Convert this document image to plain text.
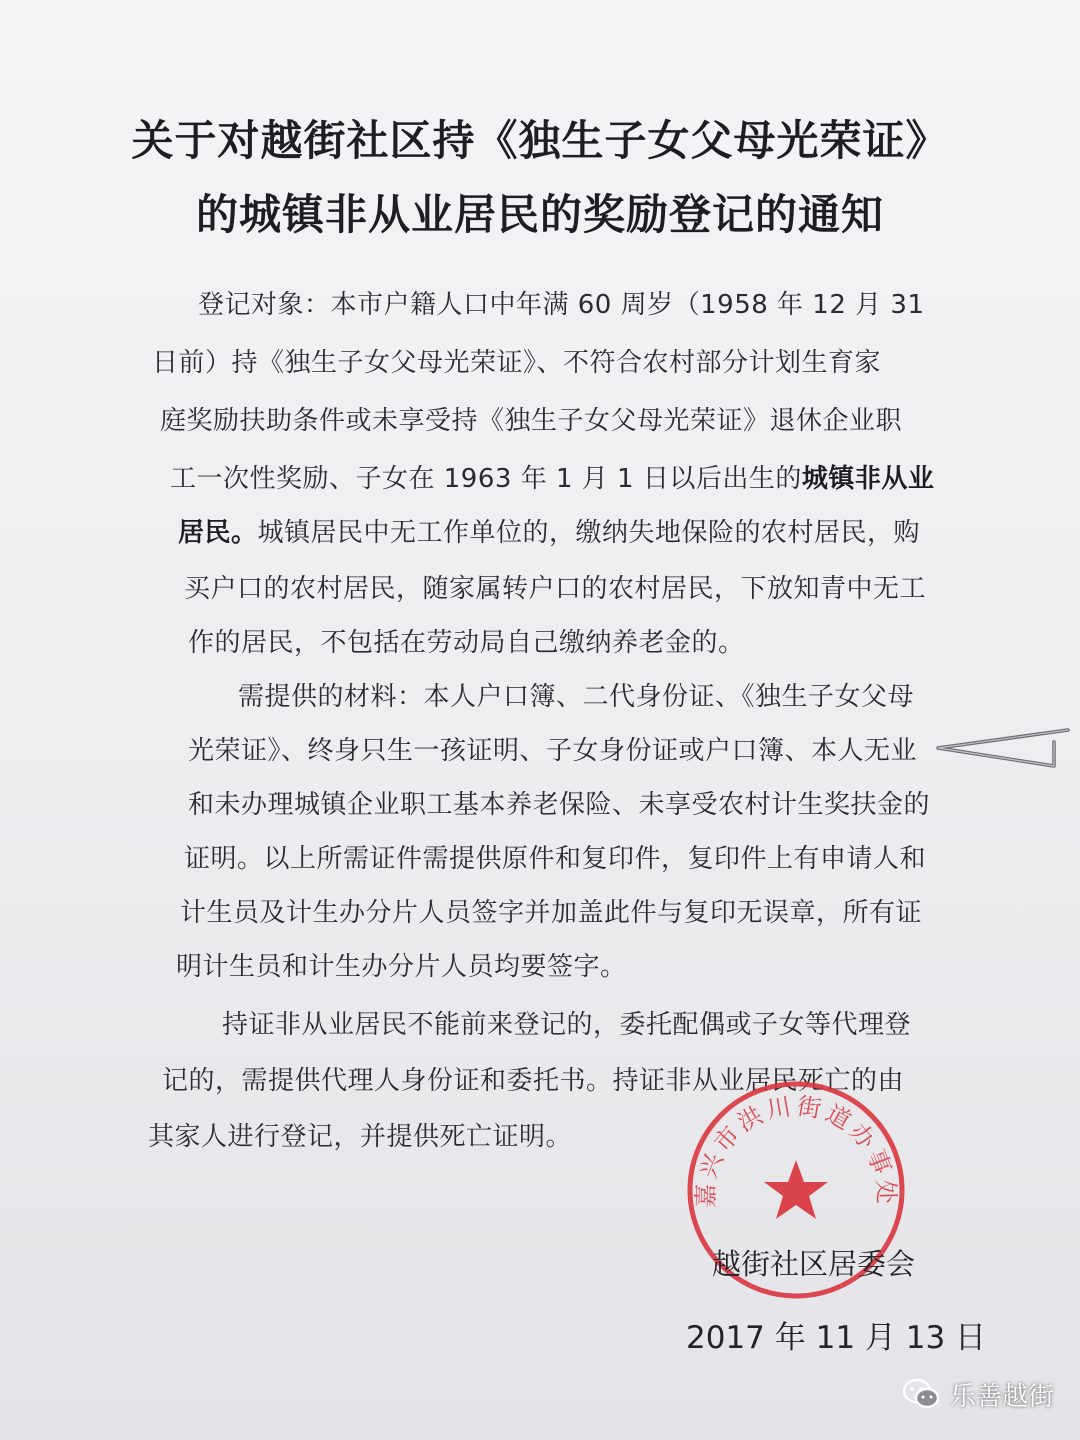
关于对越街社区持《独生子女父母光荣证》
的城镇非从业居民的奖励登记的通知
登记对象：本市户籍人口中年满 60 周岁（1958 年 12 月 31
日前）持《独生子女父母光荣证》、不符合农村部分计划生育家
庭奖励扶助条件或未享受持《独生子女父母光荣证》退休企业职
工一次性奖励、子女在 1963 年 1 月 1 日以后出生的城镇非从业
居民。城镇居民中无工作单位的，缴纳失地保险的农村居民，购
买户口的农村居民，随家属转户口的农村居民，下放知青中无工
作的居民，不包括在劳动局自己缴纳养老金的。
需提供的材料：本人户口簿、二代身份证、《独生子女父母
光荣证》、终身只生一孩证明、子女身份证或户口簿、本人无业
和未办理城镇企业职工基本养老保险、未享受农村计生奖扶金的
证明。以上所需证件需提供原件和复印件，复印件上有申请人和
计生员及计生办分片人员签字并加盖此件与复印无误章，所有证
明计生员和计生办分片人员均要签字。
持证非从业居民不能前来登记的，委托配偶或子女等代理登
记的，需提供代理人身份证和委托书。持证非从业居民死亡的由
其家人进行登记，并提供死亡证明。
嘉兴市洪川街道办事处
越街社区居委会
2017 年 11 月 13 日
乐善越街
